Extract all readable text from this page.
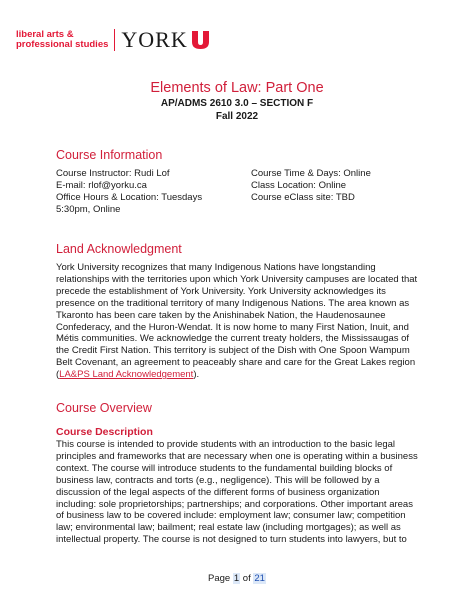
liberal arts &
professional studies YORK
Elements of Law: Part One
AP/ADMS 2610 3.0 – SECTION F
Fall 2022
Course Information
Course Instructor: Rudi Lof
E-mail: rlof@yorku.ca
Office Hours & Location: Tuesdays
5:30pm, Online
Course Time & Days: Online
Class Location: Online
Course eClass site: TBD
Land Acknowledgment
York University recognizes that many Indigenous Nations have longstanding
relationships with the territories upon which York University campuses are located that
precede the establishment of York University. York University acknowledges its
presence on the traditional territory of many Indigenous Nations. The area known as
Tkaronto has been care taken by the Anishinabek Nation, the Haudenosaunee
Confederacy, and the Huron-Wendat. It is now home to many First Nation, Inuit, and
Métis communities. We acknowledge the current treaty holders, the Mississaugas of
the Credit First Nation. This territory is subject of the Dish with One Spoon Wampum
Belt Covenant, an agreement to peaceably share and care for the Great Lakes region
(LA&PS Land Acknowledgement).
Course Overview
Course Description
This course is intended to provide students with an introduction to the basic legal
principles and frameworks that are necessary when one is operating within a business
context. The course will introduce students to the fundamental building blocks of
business law, contracts and torts (e.g., negligence). This will be followed by a
discussion of the legal aspects of the different forms of business organization
including: sole proprietorships; partnerships; and corporations. Other important areas
of business law to be covered include: employment law; consumer law; competition
law; environmental law; bailment; real estate law (including mortgages); as well as
intellectual property. The course is not designed to turn students into lawyers, but to
Page 1 of 21
